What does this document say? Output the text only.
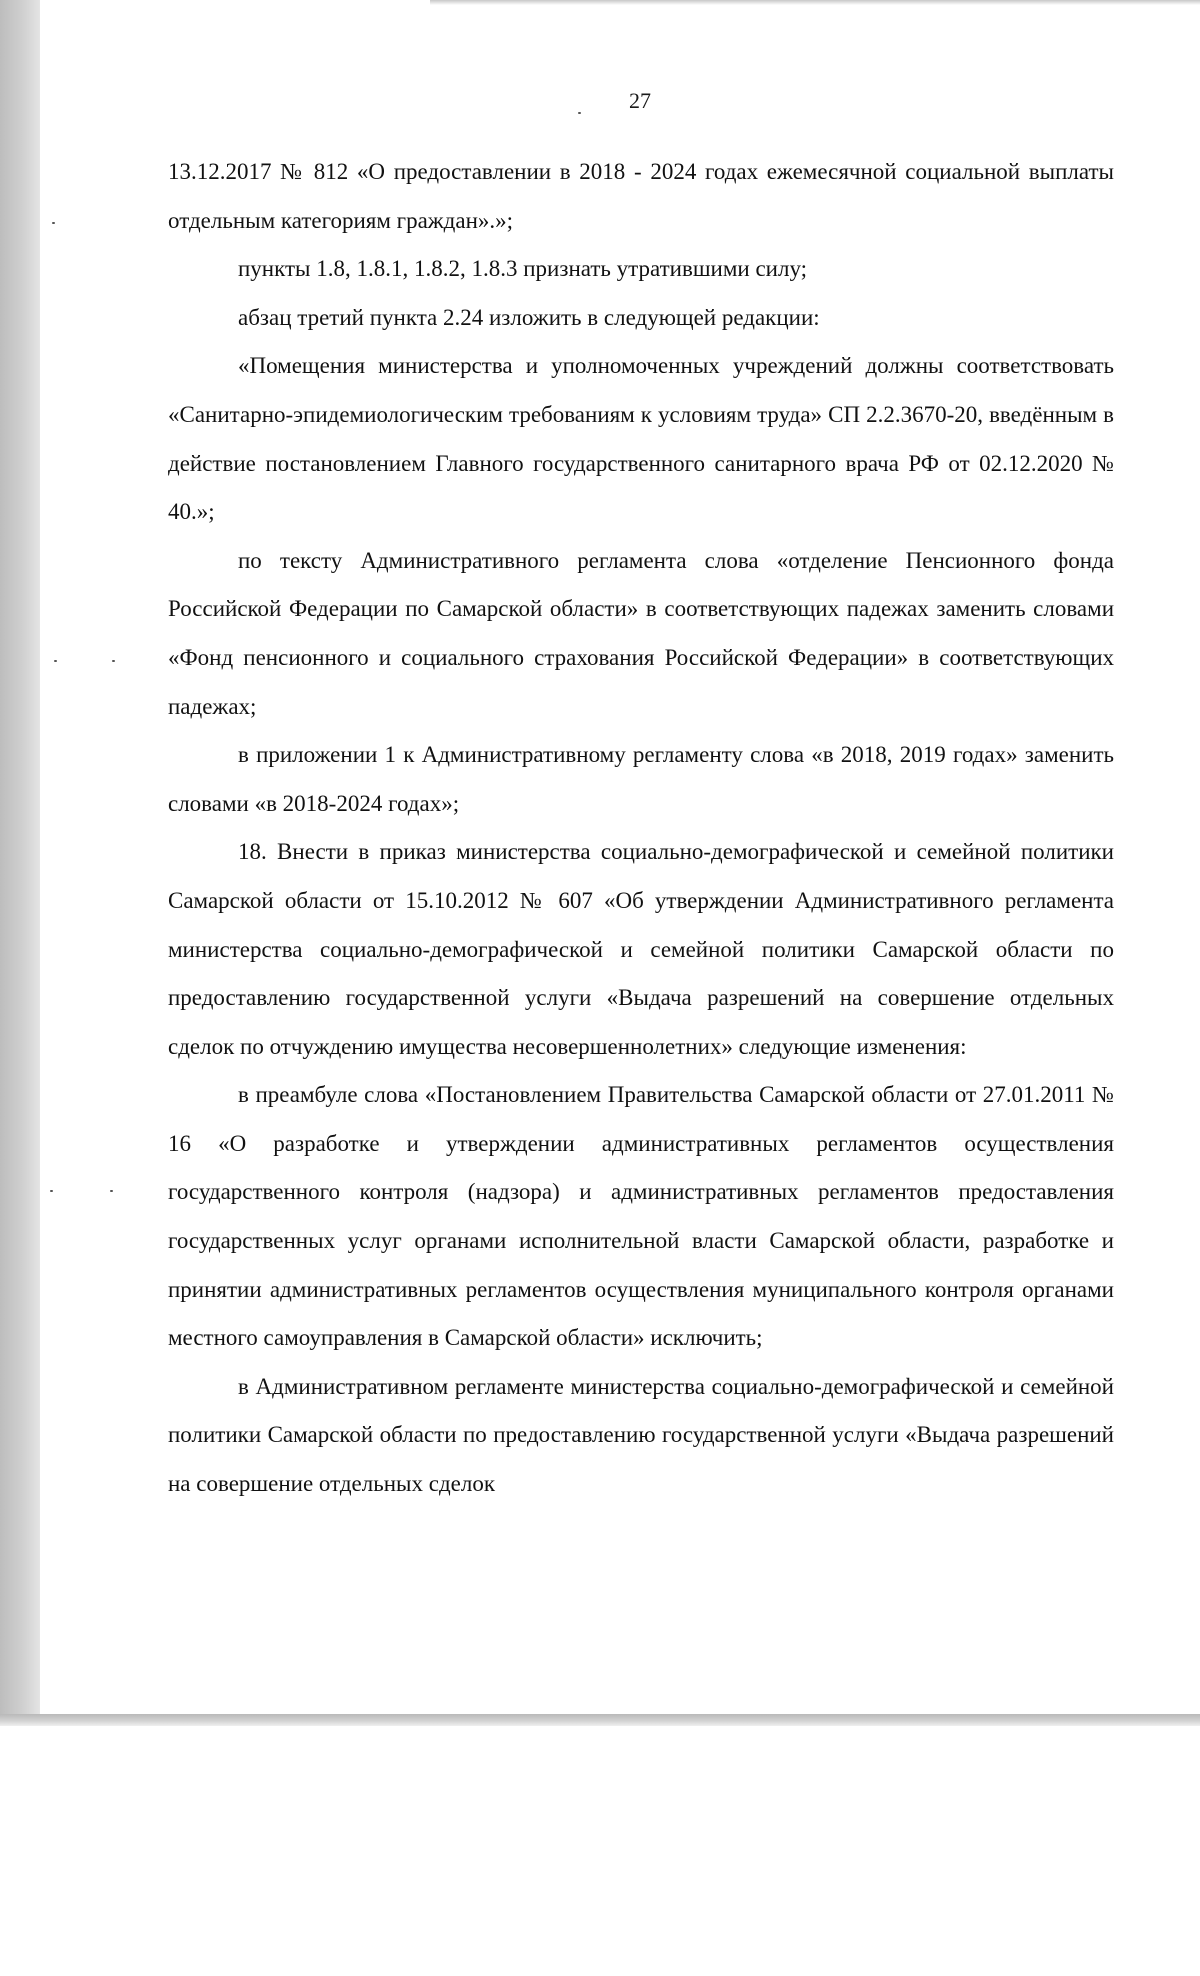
27

13.12.2017 № 812 «О предоставлении в 2018 - 2024 годах ежемесячной социальной выплаты отдельным категориям граждан».»;

пункты 1.8, 1.8.1, 1.8.2, 1.8.3 признать утратившими силу;

абзац третий пункта 2.24 изложить в следующей редакции:

«Помещения министерства и уполномоченных учреждений должны соответствовать «Санитарно-эпидемиологическим требованиям к условиям труда» СП 2.2.3670-20, введённым в действие постановлением Главного государственного санитарного врача РФ от 02.12.2020 № 40.»;

по тексту Административного регламента слова «отделение Пенсионного фонда Российской Федерации по Самарской области» в соответствующих падежах заменить словами «Фонд пенсионного и социального страхования Российской Федерации» в соответствующих падежах;

в приложении 1 к Административному регламенту слова «в 2018, 2019 годах» заменить словами «в 2018-2024 годах»;

18. Внести в приказ министерства социально-демографической и семейной политики Самарской области от 15.10.2012 № 607 «Об утверждении Административного регламента министерства социально-демографической и семейной политики Самарской области по предоставлению государственной услуги «Выдача разрешений на совершение отдельных сделок по отчуждению имущества несовершеннолетних» следующие изменения:

в преамбуле слова «Постановлением Правительства Самарской области от 27.01.2011 № 16 «О разработке и утверждении административных регламентов осуществления государственного контроля (надзора) и административных регламентов предоставления государственных услуг органами исполнительной власти Самарской области, разработке и принятии административных регламентов осуществления муниципального контроля органами местного самоуправления в Самарской области» исключить;

в Административном регламенте министерства социально-демографической и семейной политики Самарской области по предоставлению государственной услуги «Выдача разрешений на совершение отдельных сделок
